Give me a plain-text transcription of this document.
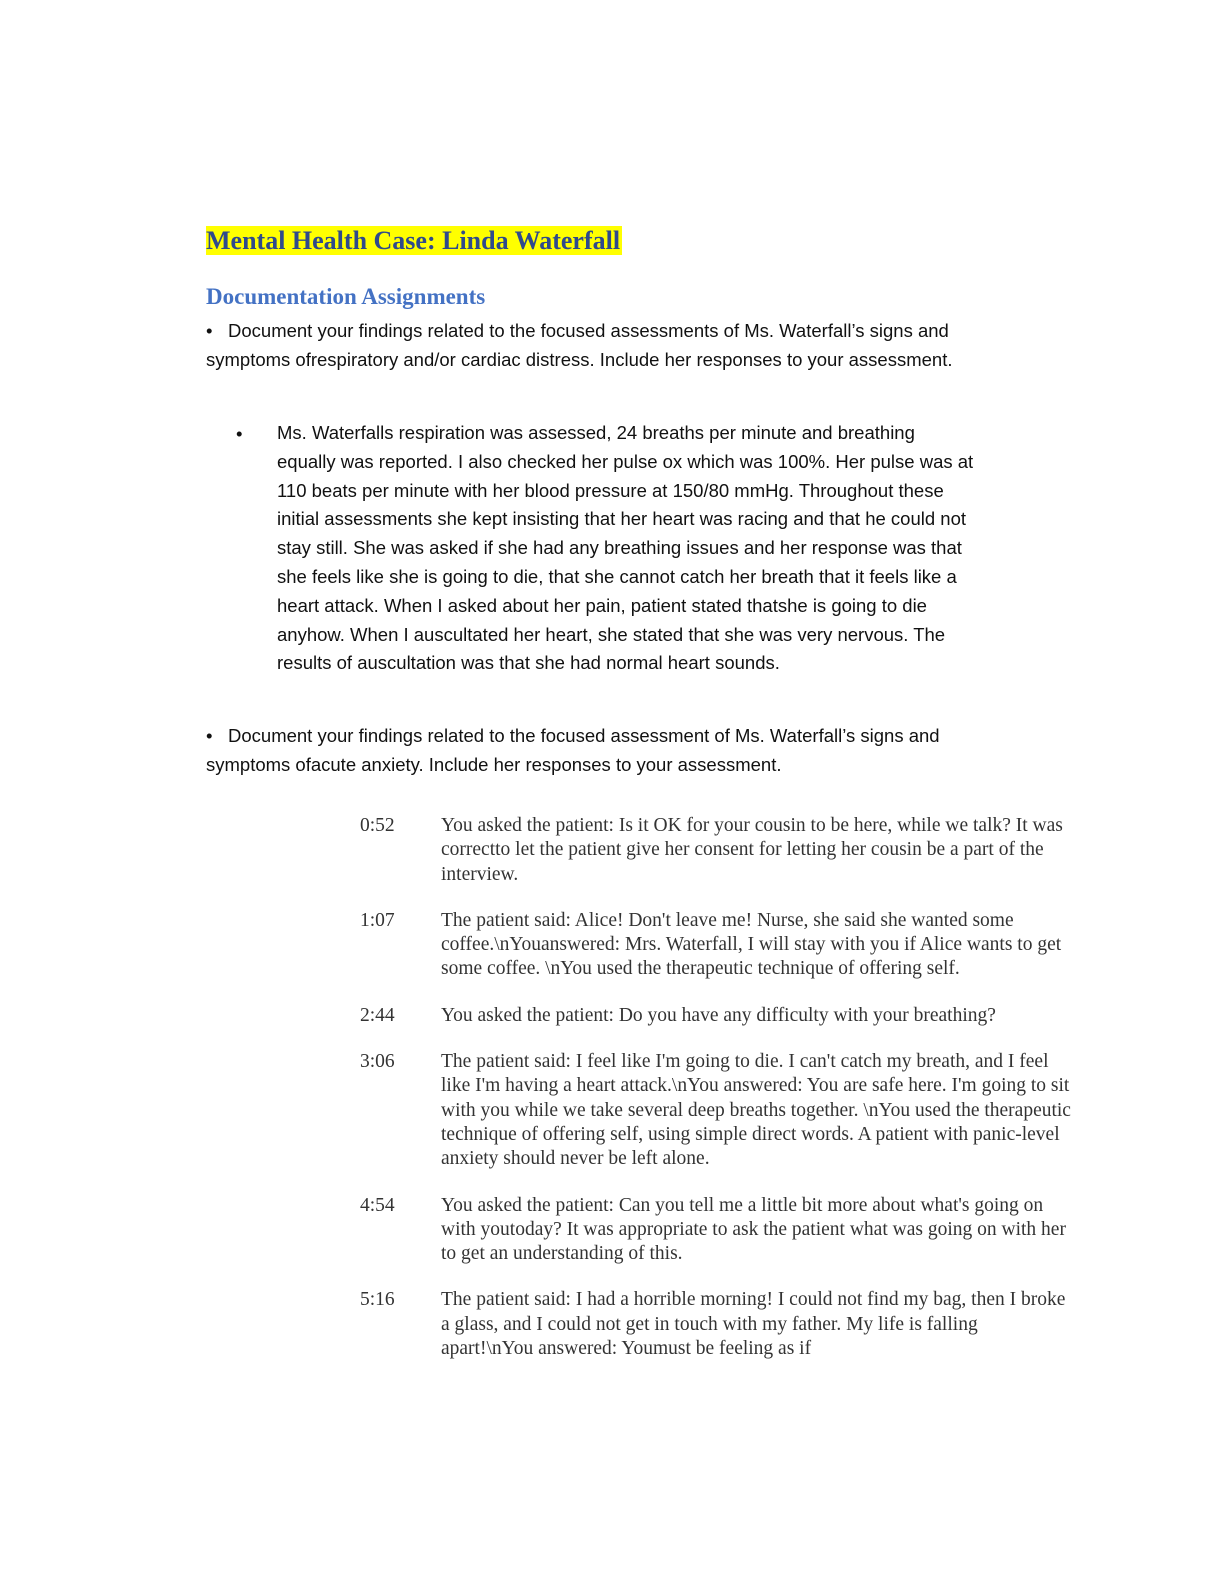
Mental Health Case: Linda Waterfall
Documentation Assignments

• Document your findings related to the focused assessments of Ms. Waterfall’s signs and symptoms ofrespiratory and/or cardiac distress. Include her responses to your assessment.

• Ms. Waterfalls respiration was assessed, 24 breaths per minute and breathing equally was reported. I also checked her pulse ox which was 100%. Her pulse was at 110 beats per minute with her blood pressure at 150/80 mmHg. Throughout these initial assessments she kept insisting that her heart was racing and that he could not stay still. She was asked if she had any breathing issues and her response was that she feels like she is going to die, that she cannot catch her breath that it feels like a heart attack. When I asked about her pain, patient stated thatshe is going to die anyhow. When I auscultated her heart, she stated that she was very nervous. The results of auscultation was that she had normal heart sounds.

• Document your findings related to the focused assessment of Ms. Waterfall’s signs and symptoms ofacute anxiety. Include her responses to your assessment.

0:52	You asked the patient: Is it OK for your cousin to be here, while we talk? It was correctto let the patient give her consent for letting her cousin be a part of the interview.
1:07	The patient said: Alice! Don't leave me! Nurse, she said she wanted some coffee.\nYouanswered: Mrs. Waterfall, I will stay with you if Alice wants to get some coffee. \nYou used the therapeutic technique of offering self.
2:44	You asked the patient: Do you have any difficulty with your breathing?
3:06	The patient said: I feel like I'm going to die. I can't catch my breath, and I feel like I'm having a heart attack.\nYou answered: You are safe here. I'm going to sit with you while we take several deep breaths together. \nYou used the therapeutic technique of offering self, using simple direct words. A patient with panic-level anxiety should never be left alone.
4:54	You asked the patient: Can you tell me a little bit more about what's going on with youtoday? It was appropriate to ask the patient what was going on with her to get an understanding of this.
5:16	The patient said: I had a horrible morning! I could not find my bag, then I broke a glass, and I could not get in touch with my father. My life is falling apart!\nYou answered: Youmust be feeling as if
